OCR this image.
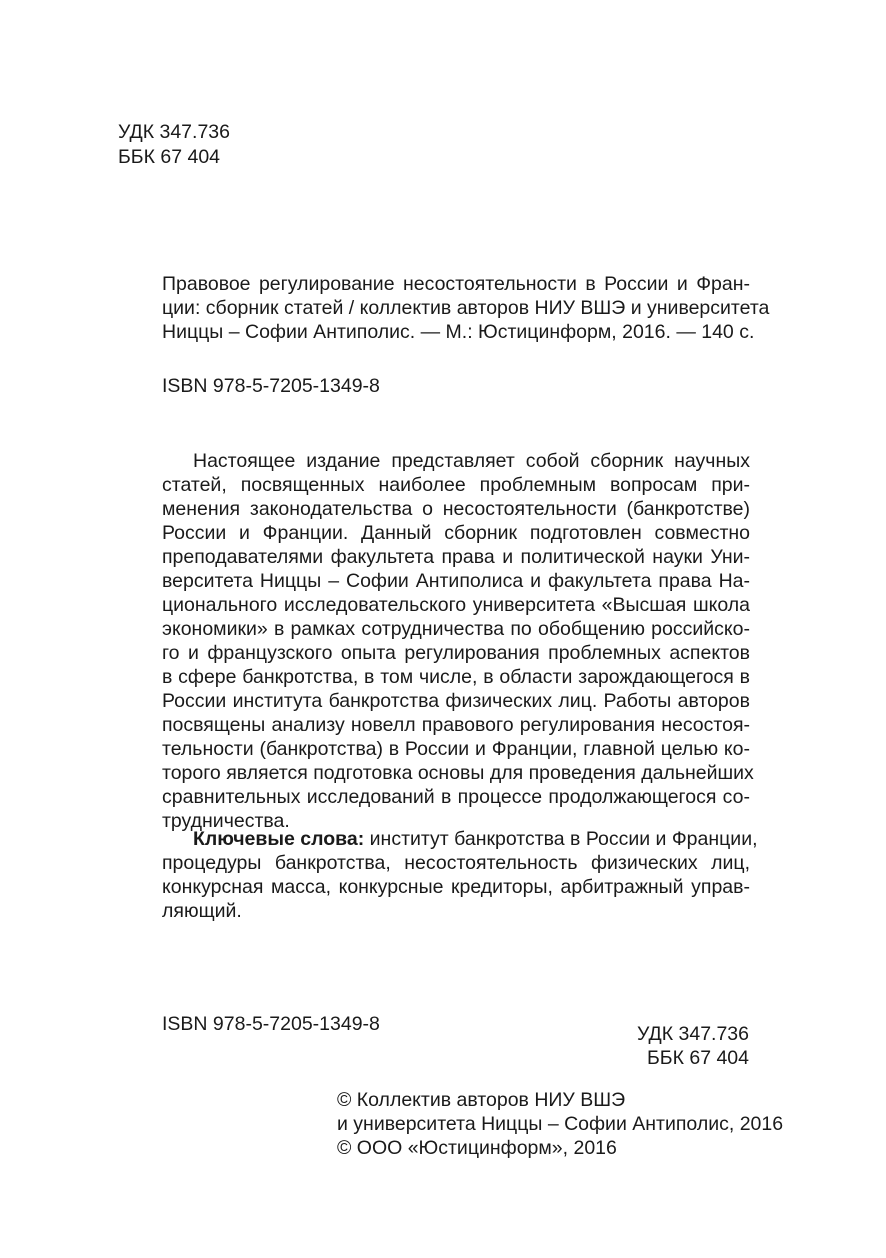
УДК 347.736
ББК 67 404
Правовое регулирование несостоятельности в России и Фран-
ции: сборник статей / коллектив авторов НИУ ВШЭ и университета
Ниццы – Софии Антиполис. — М.: Юстицинформ, 2016. — 140 с.
ISBN 978-5-7205-1349-8
Настоящее издание представляет собой сборник научных
статей, посвященных наиболее проблемным вопросам при-
менения законодательства о несостоятельности (банкротстве)
России и Франции. Данный сборник подготовлен совместно
преподавателями факультета права и политической науки Уни-
верситета Ниццы – Софии Антиполиса и факультета права На-
ционального исследовательского университета «Высшая школа
экономики» в рамках сотрудничества по обобщению российско-
го и французского опыта регулирования проблемных аспектов
в сфере банкротства, в том числе, в области зарождающегося в
России института банкротства физических лиц. Работы авторов
посвящены анализу новелл правового регулирования несостоя-
тельности (банкротства) в России и Франции, главной целью ко-
торого является подготовка основы для проведения дальнейших
сравнительных исследований в процессе продолжающегося со-
трудничества.
Ключевые слова: институт банкротства в России и Франции,
процедуры банкротства, несостоятельность физических лиц,
конкурсная масса, конкурсные кредиторы, арбитражный управ-
ляющий.
ISBN 978-5-7205-1349-8	УДК 347.736
ББК 67 404
© Коллектив авторов НИУ ВШЭ
и университета Ниццы – Софии Антиполис, 2016
© ООО «Юстицинформ», 2016
